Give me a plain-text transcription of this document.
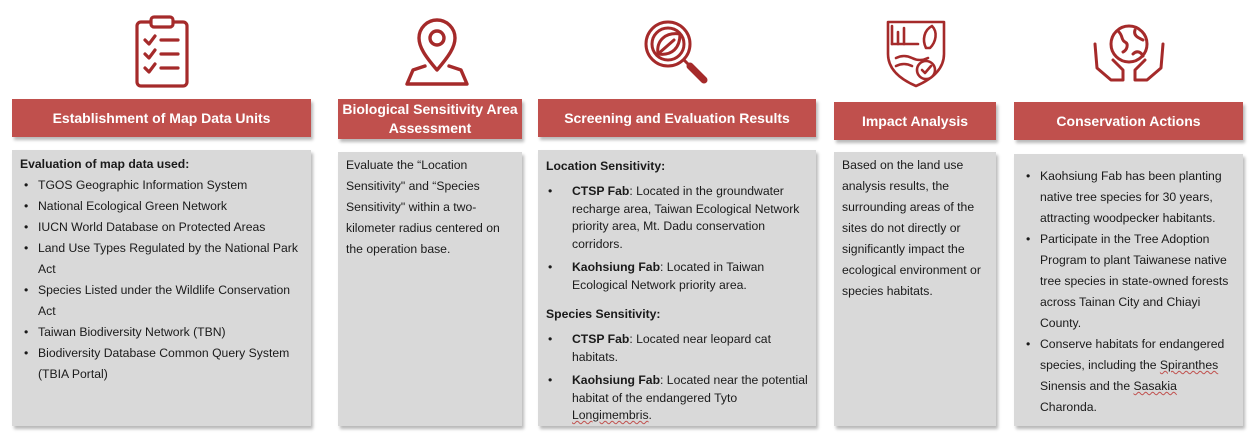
Establishment of Map Data Units
Evaluation of map data used:
• TGOS Geographic Information System
• National Ecological Green Network
• IUCN World Database on Protected Areas
• Land Use Types Regulated by the National Park Act
• Species Listed under the Wildlife Conservation Act
• Taiwan Biodiversity Network (TBN)
• Biodiversity Database Common Query System (TBIA Portal)
Biological Sensitivity Area Assessment
Evaluate the “Location Sensitivity" and “Species Sensitivity" within a two-kilometer radius centered on the operation base.
Screening and Evaluation Results
Location Sensitivity:
• CTSP Fab: Located in the groundwater recharge area, Taiwan Ecological Network priority area, Mt. Dadu conservation corridors.
• Kaohsiung Fab: Located in Taiwan Ecological Network priority area.
Species Sensitivity:
• CTSP Fab: Located near leopard cat habitats.
• Kaohsiung Fab: Located near the potential habitat of the endangered Tyto Longimembris.
Impact Analysis
Based on the land use analysis results, the surrounding areas of the sites do not directly or significantly impact the ecological environment or species habitats.
Conservation Actions
• Kaohsiung Fab has been planting native tree species for 30 years, attracting woodpecker habitants.
• Participate in the Tree Adoption Program to plant Taiwanese native tree species in state-owned forests across Tainan City and Chiayi County.
• Conserve habitats for endangered species, including the Spiranthes Sinensis and the Sasakia Charonda.
